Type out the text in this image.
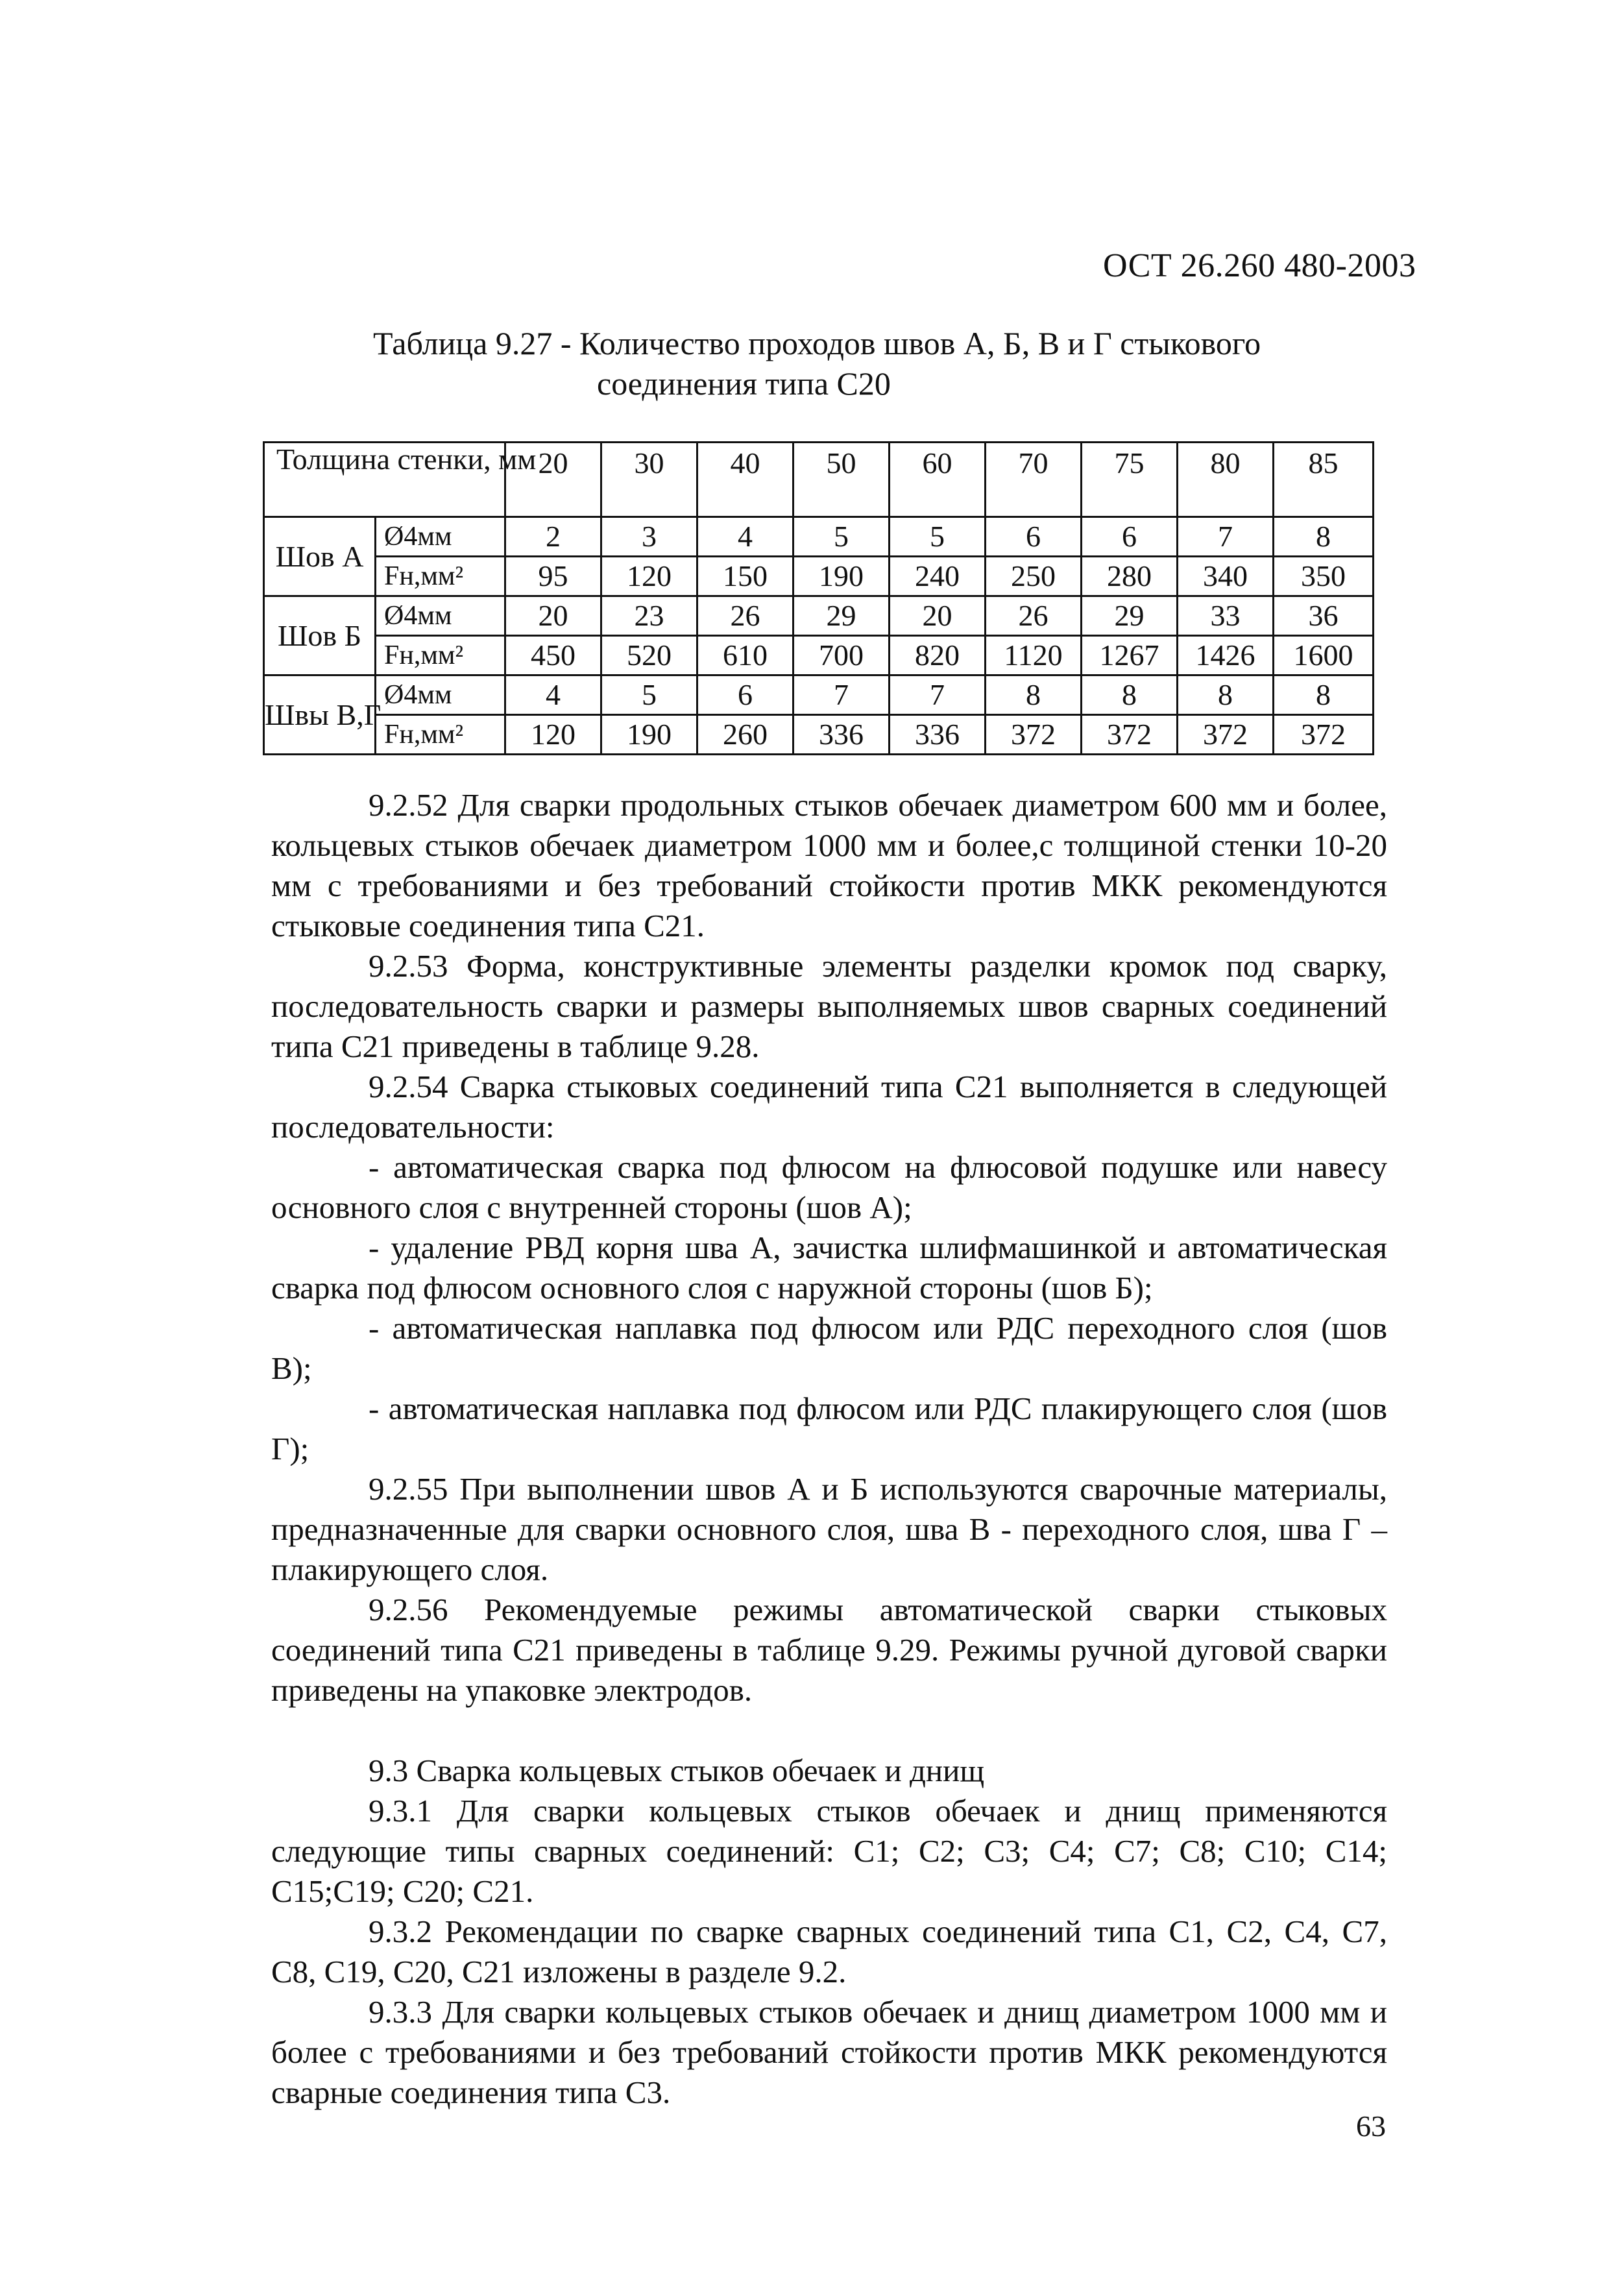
ОСТ 26.260 480-2003
Таблица 9.27 - Количество проходов швов А, Б, В и Г стыкового
соединения типа С20
Толщина стенки, мм		20	30	40	50	60	70	75	80	85
Шов А	Ø4мм	2	3	4	5	5	6	6	7	8
	Fн,мм²	95	120	150	190	240	250	280	340	350
Шов Б	Ø4мм	20	23	26	29	20	26	29	33	36
	Fн,мм²	450	520	610	700	820	1120	1267	1426	1600
Швы В,Г	Ø4мм	4	5	6	7	7	8	8	8	8
	Fн,мм²	120	190	260	336	336	372	372	372	372

9.2.52 Для сварки продольных стыков обечаек диаметром 600 мм и более, кольцевых стыков обечаек диаметром 1000 мм и более,с толщиной стенки 10-20 мм с требованиями и без требований стойкости против МКК рекомендуются стыковые соединения типа С21.

9.2.53 Форма, конструктивные элементы разделки кромок под сварку, последовательность сварки и размеры выполняемых швов сварных соединений типа С21 приведены в таблице 9.28.

9.2.54 Сварка стыковых соединений типа С21 выполняется в следующей последовательности:

- автоматическая сварка под флюсом на флюсовой подушке или навесу основного слоя с внутренней стороны (шов А);

- удаление РВД корня шва А, зачистка шлифмашинкой и автоматическая сварка под флюсом основного слоя с наружной стороны (шов Б);

- автоматическая наплавка под флюсом или РДС переходного слоя (шов В);

- автоматическая наплавка под флюсом или РДС плакирующего слоя (шов Г);

9.2.55 При выполнении швов А и Б используются сварочные материалы, предназначенные для сварки основного слоя, шва В - переходного слоя, шва Г – плакирующего слоя.

9.2.56 Рекомендуемые режимы автоматической сварки стыковых соединений типа С21 приведены в таблице 9.29. Режимы ручной дуговой сварки приведены на упаковке электродов.

9.3 Сварка кольцевых стыков обечаек и днищ

9.3.1 Для сварки кольцевых стыков обечаек и днищ применяются следующие типы сварных соединений: С1; С2; С3; С4; С7; С8; С10; С14; С15;С19; С20; С21.

9.3.2 Рекомендации по сварке сварных соединений типа С1, С2, С4, С7, С8, С19, С20, С21 изложены в разделе 9.2.

9.3.3 Для сварки кольцевых стыков обечаек и днищ диаметром 1000 мм и более с требованиями и без требований стойкости против МКК рекомендуются сварные соединения типа С3.

63
